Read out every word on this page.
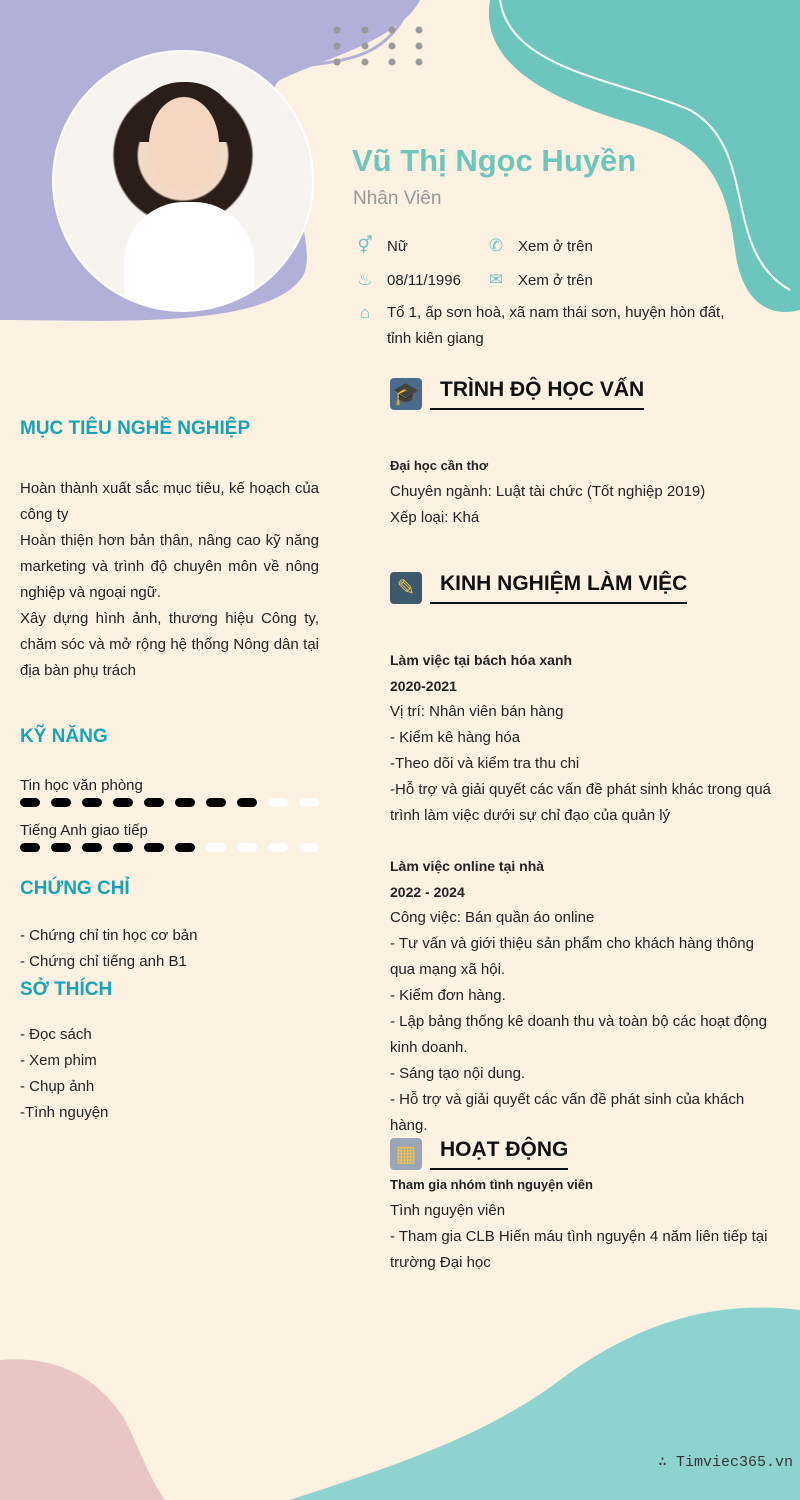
Vũ Thị Ngọc Huyền
Nhân Viên
⚥ Nữ	✆ Xem ở trên
♨ 08/11/1996 ✉ Xem ở trên
⌂	Tổ 1, ấp sơn hoà, xã nam thái sơn, huyện hòn đất,
tỉnh kiên giang
MỤC TIÊU NGHỀ NGHIỆP
Hoàn thành xuất sắc mục tiêu, kế hoạch của công ty
Hoàn thiện hơn bản thân, nâng cao kỹ năng marketing và trình độ chuyên môn về nông nghiệp và ngoại ngữ.
Xây dựng hình ảnh, thương hiệu Công ty, chăm sóc và mở rộng hệ thống Nông dân tại địa bàn phụ trách
KỸ NĂNG
Tin học văn phòng
Tiếng Anh giao tiếp
CHỨNG CHỈ
- Chứng chỉ tin học cơ bản
- Chứng chỉ tiếng anh B1
SỞ THÍCH
- Đọc sách
- Xem phim
- Chụp ảnh
-Tình nguyện
🎓 TRÌNH ĐỘ HỌC VẤN
Đại học cần thơ
Chuyên ngành: Luật tài chức (Tốt nghiệp 2019)
Xếp loại: Khá
✎	KINH NGHIỆM LÀM VIỆC
Làm việc tại bách hóa xanh
2020-2021
Vị trí: Nhân viên bán hàng
- Kiểm kê hàng hóa
-Theo dõi và kiểm tra thu chi
-Hỗ trợ và giải quyết các vấn đề phát sinh khác trong quá trình làm việc dưới sự chỉ đạo của quản lý
Làm việc online tại nhà
2022 - 2024
Công việc: Bán quần áo online
- Tư vấn và giới thiệu sản phẩm cho khách hàng thông qua mạng xã hội.
- Kiểm đơn hàng.
- Lập bảng thống kê doanh thu và toàn bộ các hoạt động kinh doanh.
- Sáng tạo nội dung.
- Hỗ trợ và giải quyết các vấn đề phát sinh của khách hàng.
▦	HOẠT ĐỘNG
Tham gia nhóm tình nguyện viên
Tình nguyện viên
- Tham gia CLB Hiến máu tình nguyện 4 năm liên tiếp tại trường Đại học
∴ Timviec365.vn
